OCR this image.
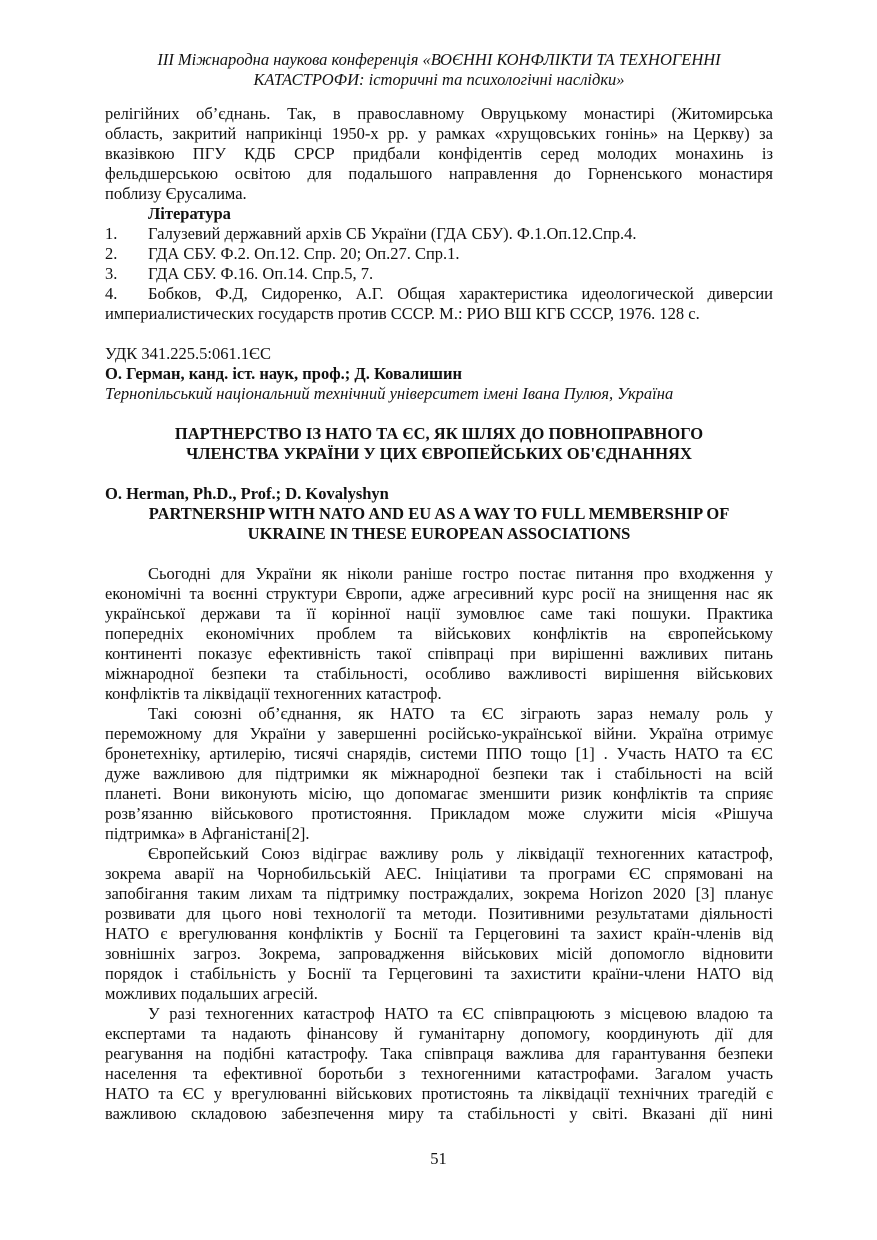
ІІІ Міжнародна наукова конференція «ВОЄННІ КОНФЛІКТИ ТА ТЕХНОГЕННІ
КАТАСТРОФИ: історичні та психологічні наслідки»

релігійних об’єднань. Так, в православному Овруцькому монастирі (Житомирська

область, закритий наприкінці 1950-х рр. у рамках «хрущовських гонінь» на Церкву) за

вказівкою ПГУ КДБ СРСР придбали конфідентів серед молодих монахинь із

фельдшерською освітою для подальшого направлення до Горненського монастиря

поблизу Єрусалима.

Література

1.	Галузевий державний архів СБ України (ГДА СБУ). Ф.1.Оп.12.Спр.4.
2.	ГДА СБУ. Ф.2. Оп.12. Спр. 20; Оп.27. Спр.1.
3.	ГДА СБУ. Ф.16. Оп.14. Спр.5, 7.
4.	Бобков, Ф.Д, Сидоренко, А.Г. Общая характеристика идеологической диверсии

империалистических государств против СССР. М.: РИО ВШ КГБ СССР, 1976. 128 с.

УДК 341.225.5:061.1ЄС

О. Герман, канд. іст. наук, проф.; Д. Ковалишин

Тернопільський національний технічний університет імені Івана Пулюя, Україна

ПАРТНЕРСТВО ІЗ НАТО ТА ЄС, ЯК ШЛЯХ ДО ПОВНОПРАВНОГО

ЧЛЕНСТВА УКРАЇНИ У ЦИХ ЄВРОПЕЙСЬКИХ ОБ'ЄДНАННЯХ

O. Herman, Ph.D., Prof.; D. Kovalyshyn

PARTNERSHIP WITH NATO AND EU AS A WAY TO FULL MEMBERSHIP OF

UKRAINE IN THESE EUROPEAN ASSOCIATIONS

Сьогодні для України як ніколи раніше гостро постає питання про входження у

економічні та воєнні структури Європи, адже агресивний курс росії на знищення нас як

української держави та її корінної нації зумовлює саме такі пошуки. Практика

попередніх економічних проблем та військових конфліктів на європейському

континенті показує ефективність такої співпраці при вирішенні важливих питань

міжнародної безпеки та стабільності, особливо важливості вирішення військових

конфліктів та ліквідації техногенних катастроф.

Такі союзні об’єднання, як НАТО та ЄС зіграють зараз немалу роль у

переможному для України у завершенні російсько-української війни. Україна отримує

бронетехніку, артилерію, тисячі снарядів, системи ППО тощо [1] . Участь НАТО та ЄС

дуже важливою для підтримки як міжнародної безпеки так і стабільності на всій

планеті. Вони виконують місію, що допомагає зменшити ризик конфліктів та сприяє

розв’язанню військового протистояння. Прикладом може служити місія «Рішуча

підтримка» в Афганістані[2].

Європейський Союз відіграє важливу роль у ліквідації техногенних катастроф,

зокрема аварії на Чорнобильській АЕС. Ініціативи та програми ЄС спрямовані на

запобігання таким лихам та підтримку постраждалих, зокрема Horizon 2020 [3] планує

розвивати для цього нові технології та методи. Позитивними результатами діяльності

НАТО є врегулювання конфліктів у Боснії та Герцеговині та захист країн-членів від

зовнішніх загроз. Зокрема, запровадження військових місій допомогло відновити

порядок і стабільність у Боснії та Герцеговині та захистити країни-члени НАТО від

можливих подальших агресій.

У разі техногенних катастроф НАТО та ЄС співпрацюють з місцевою владою та

експертами та надають фінансову й гуманітарну допомогу, координують дії для

реагування на подібні катастрофу. Така співпраця важлива для гарантування безпеки

населення та ефективної боротьби з техногенними катастрофами. Загалом участь

НАТО та ЄС у врегулюванні військових протистоянь та ліквідації технічних трагедій є

важливою складовою забезпечення миру та стабільності у світі. Вказані дії нині

51
